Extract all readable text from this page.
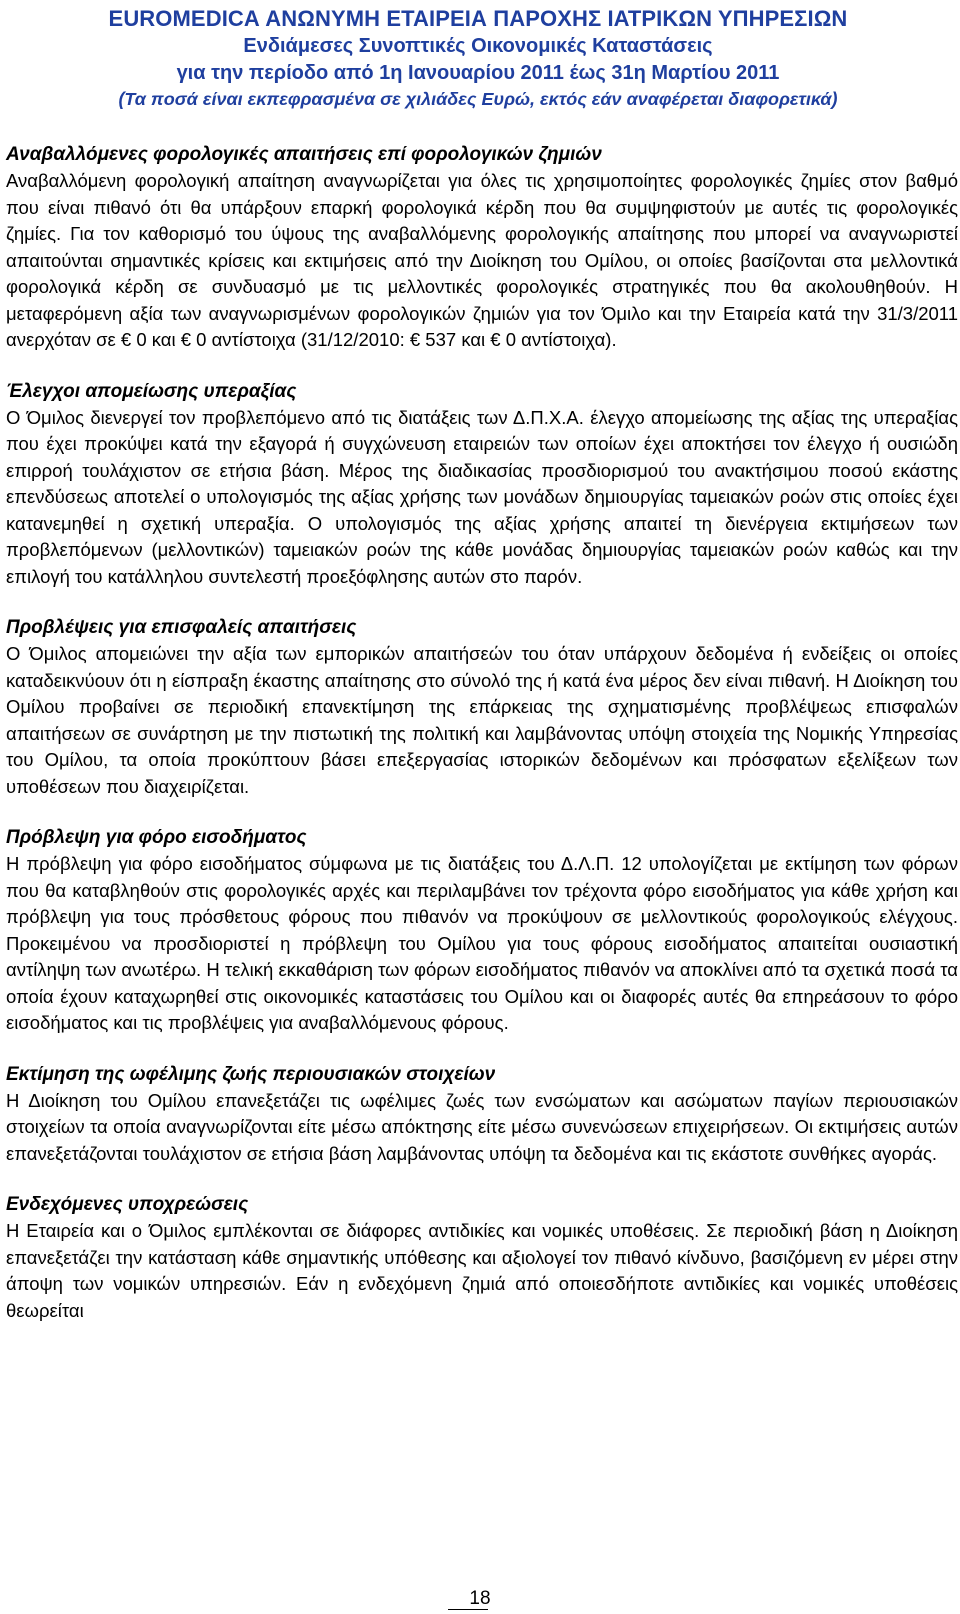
EUROMEDICA ΑΝΩΝΥΜΗ ΕΤΑΙΡΕΙΑ ΠΑΡΟΧΗΣ ΙΑΤΡΙΚΩΝ ΥΠΗΡΕΣΙΩΝ
Ενδιάμεσες Συνοπτικές Οικονομικές Καταστάσεις
για την περίοδο από 1η Ιανουαρίου 2011 έως 31η Μαρτίου 2011
(Τα ποσά είναι εκπεφρασμένα σε χιλιάδες Ευρώ, εκτός εάν αναφέρεται διαφορετικά)
Αναβαλλόμενες φορολογικές απαιτήσεις επί φορολογικών ζημιών

Αναβαλλόμενη φορολογική απαίτηση αναγνωρίζεται για όλες τις χρησιμοποίητες φορολογικές ζημίες στον βαθμό που είναι πιθανό ότι θα υπάρξουν επαρκή φορολογικά κέρδη που θα συμψηφιστούν με αυτές τις φορολογικές ζημίες. Για τον καθορισμό του ύψους της αναβαλλόμενης φορολογικής απαίτησης που μπορεί να αναγνωριστεί απαιτούνται σημαντικές κρίσεις και εκτιμήσεις από την Διοίκηση του Ομίλου, οι οποίες βασίζονται στα μελλοντικά φορολογικά κέρδη σε συνδυασμό με τις μελλοντικές φορολογικές στρατηγικές που θα ακολουθηθούν. Η μεταφερόμενη αξία των αναγνωρισμένων φορολογικών ζημιών για τον Όμιλο και την Εταιρεία κατά την 31/3/2011 ανερχόταν σε € 0 και € 0 αντίστοιχα (31/12/2010: € 537 και € 0 αντίστοιχα).

Έλεγχοι απομείωσης υπεραξίας

Ο Όμιλος διενεργεί τον προβλεπόμενο από τις διατάξεις των Δ.Π.Χ.Α. έλεγχο απομείωσης της αξίας της υπεραξίας που έχει προκύψει κατά την εξαγορά ή συγχώνευση εταιρειών των οποίων έχει αποκτήσει τον έλεγχο ή ουσιώδη επιρροή τουλάχιστον σε ετήσια βάση. Μέρος της διαδικασίας προσδιορισμού του ανακτήσιμου ποσού εκάστης επενδύσεως αποτελεί ο υπολογισμός της αξίας χρήσης των μονάδων δημιουργίας ταμειακών ροών στις οποίες έχει κατανεμηθεί η σχετική υπεραξία. Ο υπολογισμός της αξίας χρήσης απαιτεί τη διενέργεια εκτιμήσεων των προβλεπόμενων (μελλοντικών) ταμειακών ροών της κάθε μονάδας δημιουργίας ταμειακών ροών καθώς και την επιλογή του κατάλληλου συντελεστή προεξόφλησης αυτών στο παρόν.

Προβλέψεις για επισφαλείς απαιτήσεις

Ο Όμιλος απομειώνει την αξία των εμπορικών απαιτήσεών του όταν υπάρχουν δεδομένα ή ενδείξεις οι οποίες καταδεικνύουν ότι η είσπραξη έκαστης απαίτησης στο σύνολό της ή κατά ένα μέρος δεν είναι πιθανή. Η Διοίκηση του Ομίλου προβαίνει σε περιοδική επανεκτίμηση της επάρκειας της σχηματισμένης προβλέψεως επισφαλών απαιτήσεων σε συνάρτηση με την πιστωτική της πολιτική και λαμβάνοντας υπόψη στοιχεία της Νομικής Υπηρεσίας του Ομίλου, τα οποία προκύπτουν βάσει επεξεργασίας ιστορικών δεδομένων και πρόσφατων εξελίξεων των υποθέσεων που διαχειρίζεται.

Πρόβλεψη για φόρο εισοδήματος

Η πρόβλεψη για φόρο εισοδήματος σύμφωνα με τις διατάξεις του Δ.Λ.Π. 12 υπολογίζεται με εκτίμηση των φόρων που θα καταβληθούν στις φορολογικές αρχές και περιλαμβάνει τον τρέχοντα φόρο εισοδήματος για κάθε χρήση και πρόβλεψη για τους πρόσθετους φόρους που πιθανόν να προκύψουν σε μελλοντικούς φορολογικούς ελέγχους. Προκειμένου να προσδιοριστεί η πρόβλεψη του Ομίλου για τους φόρους εισοδήματος απαιτείται ουσιαστική αντίληψη των ανωτέρω. Η τελική εκκαθάριση των φόρων εισοδήματος πιθανόν να αποκλίνει από τα σχετικά ποσά τα οποία έχουν καταχωρηθεί στις οικονομικές καταστάσεις του Ομίλου και οι διαφορές αυτές θα επηρεάσουν το φόρο εισοδήματος και τις προβλέψεις για αναβαλλόμενους φόρους.

Εκτίμηση της ωφέλιμης ζωής περιουσιακών στοιχείων

Η Διοίκηση του Ομίλου επανεξετάζει τις ωφέλιμες ζωές των ενσώματων και ασώματων παγίων περιουσιακών στοιχείων τα οποία αναγνωρίζονται είτε μέσω απόκτησης είτε μέσω συνενώσεων επιχειρήσεων. Οι εκτιμήσεις αυτών επανεξετάζονται τουλάχιστον σε ετήσια βάση λαμβάνοντας υπόψη τα δεδομένα και τις εκάστοτε συνθήκες αγοράς.

Ενδεχόμενες υποχρεώσεις

Η Εταιρεία και ο Όμιλος εμπλέκονται σε διάφορες αντιδικίες και νομικές υποθέσεις. Σε περιοδική βάση η Διοίκηση επανεξετάζει την κατάσταση κάθε σημαντικής υπόθεσης και αξιολογεί τον πιθανό κίνδυνο, βασιζόμενη εν μέρει στην άποψη των νομικών υπηρεσιών. Εάν η ενδεχόμενη ζημιά από οποιεσδήποτε αντιδικίες και νομικές υποθέσεις θεωρείται

18
